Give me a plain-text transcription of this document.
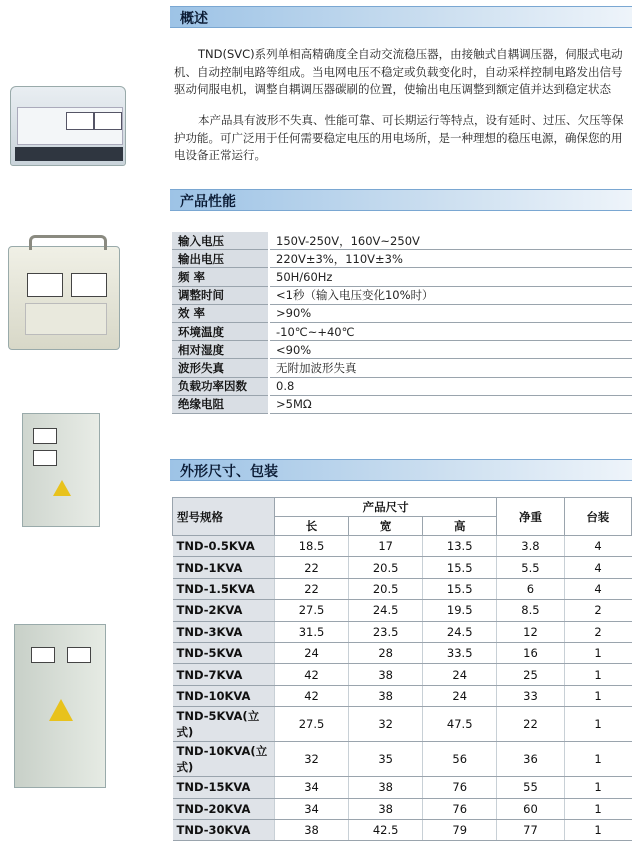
概述

TND(SVC)系列单相高精确度全自动交流稳压器，由接触式自耦调压器，伺服式电动机、自动控制电路等组成。当电网电压不稳定或负载变化时，自动采样控制电路发出信号驱动伺服电机，调整自耦调压器碳刷的位置，使输出电压调整到额定值并达到稳定状态

本产品具有波形不失真、性能可靠、可长期运行等特点，设有延时、过压、欠压等保护功能。可广泛用于任何需要稳定电压的用电场所，是一种理想的稳压电源，确保您的用电设备正常运行。

产品性能
输入电压	150V-250V，160V~250V
输出电压	220V±3%，110V±3%
频 率	50H/60Hz
调整时间	<1秒（输入电压变化10%时）
效 率	>90%
环境温度	-10℃~+40℃
相对湿度	<90%
波形失真	无附加波形失真
负载功率因数	0.8
绝缘电阻	>5MΩ
外形尺寸、包装
型号规格	产品尺寸			净重	台装
	长	宽	高		
TND-0.5KVA	18.5	17	13.5	3.8	4
TND-1KVA	22	20.5	15.5	5.5	4
TND-1.5KVA	22	20.5	15.5	6	4
TND-2KVA	27.5	24.5	19.5	8.5	2
TND-3KVA	31.5	23.5	24.5	12	2
TND-5KVA	24	28	33.5	16	1
TND-7KVA	42	38	24	25	1
TND-10KVA	42	38	24	33	1
TND-5KVA(立式)	27.5	32	47.5	22	1
TND-10KVA(立式)	32	35	56	36	1
TND-15KVA	34	38	76	55	1
TND-20KVA	34	38	76	60	1
TND-30KVA	38	42.5	79	77	1
